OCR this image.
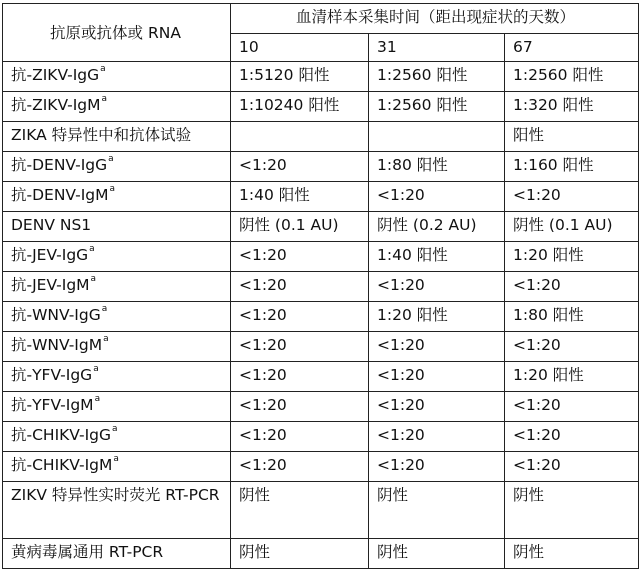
抗原或抗体或 RNA	血清样本采集时间（距出现症状的天数）		
	10	31	67
抗-ZIKV-IgG$^a$	1:5120 阳性	1:2560 阳性	1:2560 阳性
抗-ZIKV-IgM$^a$	1:10240 阳性	1:2560 阳性	1:320 阳性
ZIKA 特异性中和抗体试验			阳性
抗-DENV-IgG$^a$	<1:20	1:80 阳性	1:160 阳性
抗-DENV-IgM$^a$	1:40 阳性	<1:20	<1:20
DENV NS1	阴性 (0.1 AU)	阴性 (0.2 AU)	阴性 (0.1 AU)
抗-JEV-IgG$^a$	<1:20	1:40 阳性	1:20 阳性
抗-JEV-IgM$^a$	<1:20	<1:20	<1:20
抗-WNV-IgG$^a$	<1:20	1:20 阳性	1:80 阳性
抗-WNV-IgM$^a$	<1:20	<1:20	<1:20
抗-YFV-IgG$^a$	<1:20	<1:20	1:20 阳性
抗-YFV-IgM$^a$	<1:20	<1:20	<1:20
抗-CHIKV-IgG$^a$	<1:20	<1:20	<1:20
抗-CHIKV-IgM$^a$	<1:20	<1:20	<1:20
ZIKV 特异性实时荧光 RT-PCR	阴性	阴性	阴性
黄病毒属通用 RT-PCR	阴性	阴性	阴性
